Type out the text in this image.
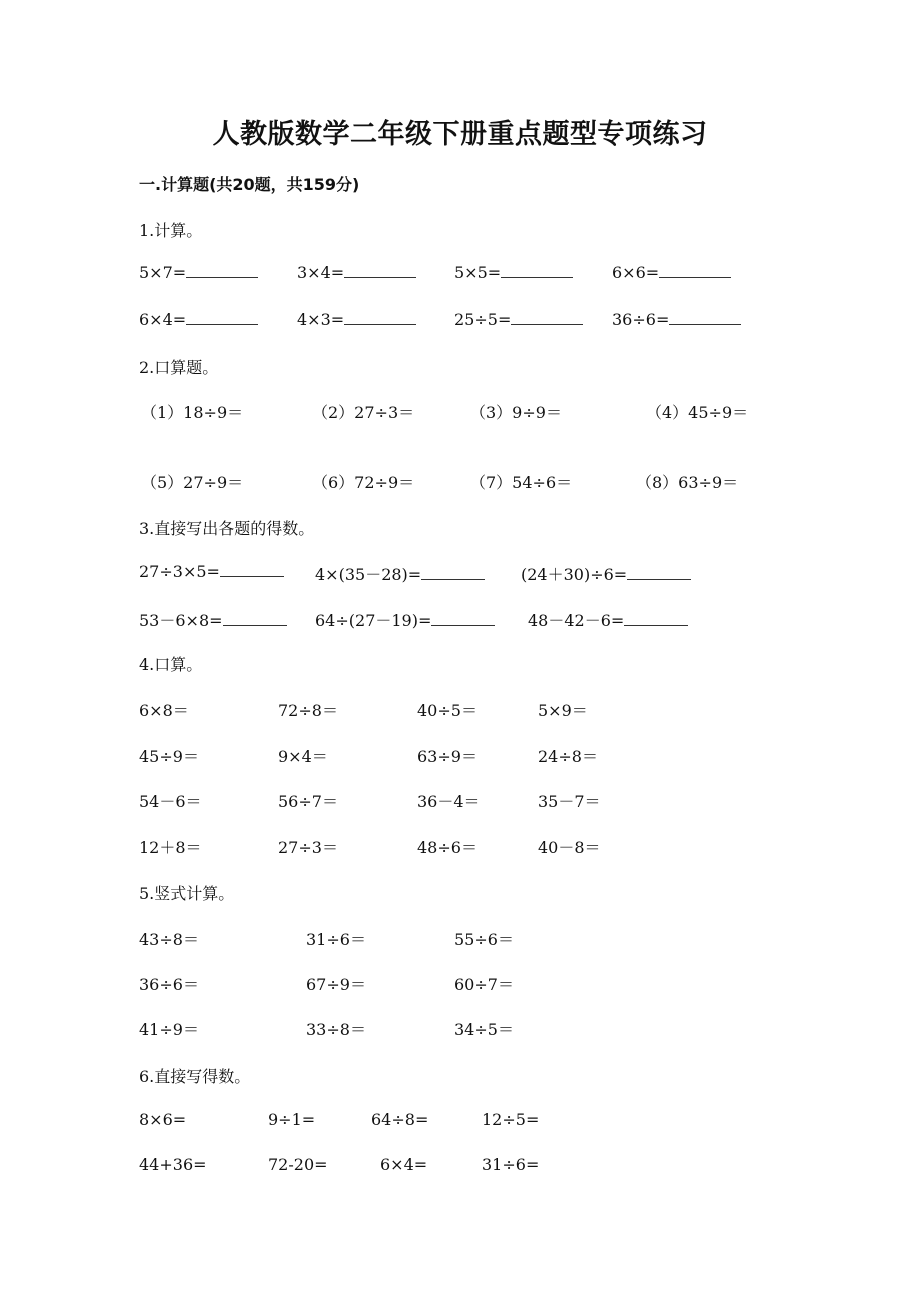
人教版数学二年级下册重点题型专项练习
一.计算题(共20题，共159分)
1.计算。
5×7=	3×4=	5×5=	6×6=
6×4=	4×3=	25÷5=	36÷6=
2.口算题。
（1）18÷9＝	（2）27÷3＝	（3）9÷9＝	（4）45÷9＝
（5）27÷9＝	（6）72÷9＝	（7）54÷6＝	（8）63÷9＝
3.直接写出各题的得数。
27÷3×5=	4×(35－28)=	(24＋30)÷6=
53－6×8=	64÷(27－19)=	48－42－6=
4.口算。
6×8＝	72÷8＝	40÷5＝	5×9＝
45÷9＝	9×4＝	63÷9＝	24÷8＝
54－6＝	56÷7＝	36－4＝	35－7＝
12＋8＝	27÷3＝	48÷6＝	40－8＝
5.竖式计算。
43÷8＝	31÷6＝	55÷6＝
36÷6＝	67÷9＝	60÷7＝
41÷9＝	33÷8＝	34÷5＝
6.直接写得数。
8×6=	9÷1=	64÷8=	12÷5=
44+36=	72-20=	6×4=	31÷6=
